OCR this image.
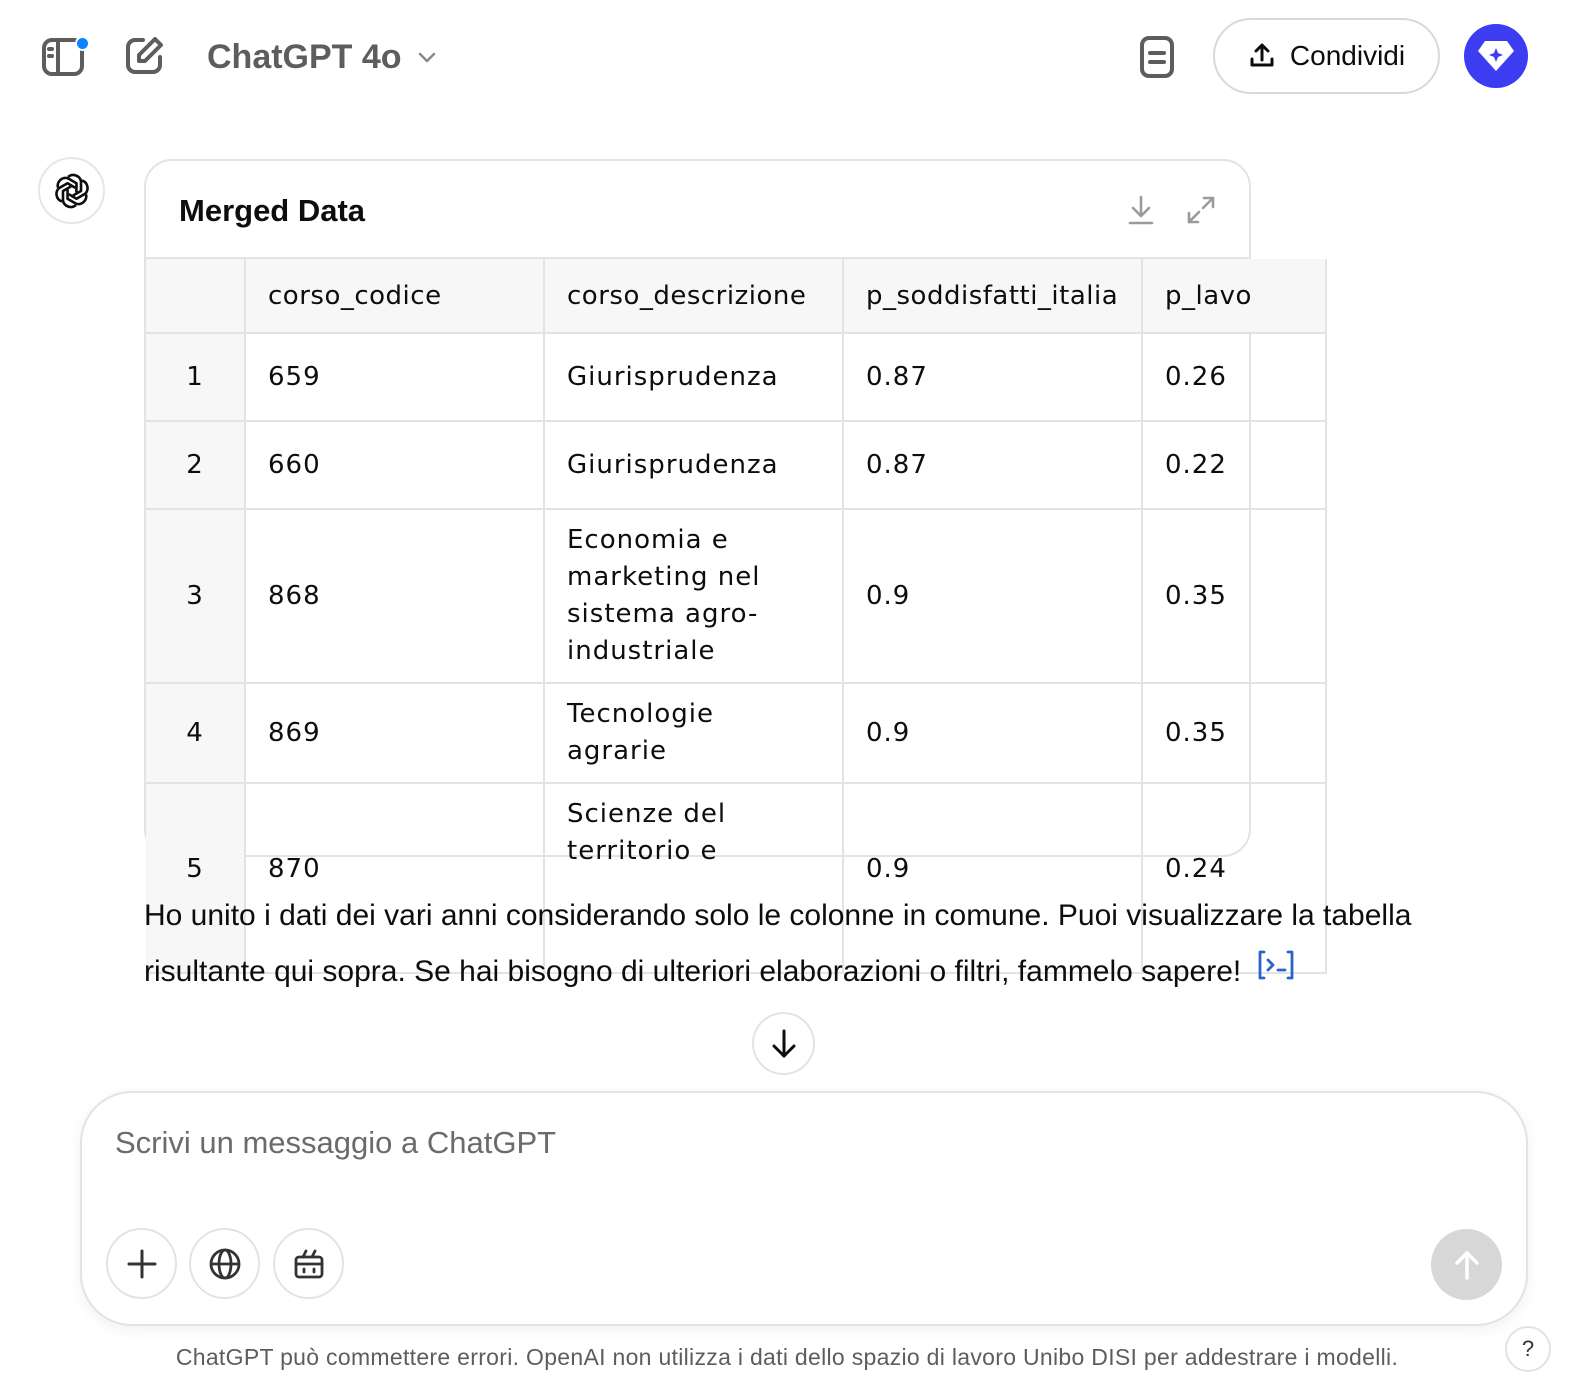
ChatGPT 4o	Condividi
Merged Data
	corso_codice	corso_descrizione	p_soddisfatti_italia	p_lavo
1	659	Giurisprudenza	0.87	0.26
2	660	Giurisprudenza	0.87	0.22
3	868	Economia e marketing nel sistema agro-industriale	0.9	0.35
4	869	Tecnologie agrarie	0.9	0.35
5	870	Scienze del territorio e	0.9	0.24
Ho unito i dati dei vari anni considerando solo le colonne in comune. Puoi visualizzare la tabella risultante qui sopra. Se hai bisogno di ulteriori elaborazioni o filtri, fammelo sapere!
Scrivi un messaggio a ChatGPT
ChatGPT può commettere errori. OpenAI non utilizza i dati dello spazio di lavoro Unibo DISI per addestrare i modelli.	?
